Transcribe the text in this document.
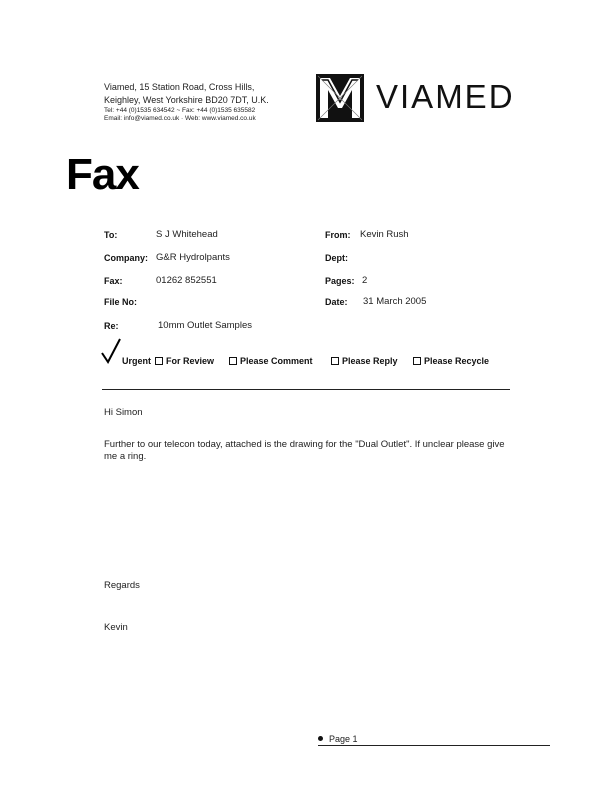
Viamed, 15 Station Road, Cross Hills,
Keighley, West Yorkshire BD20 7DT, U.K.
Tel: +44 (0)1535 634542 ~ Fax: +44 (0)1535 635582
Email: info@viamed.co.uk · Web: www.viamed.co.uk
VIAMED
Fax
To:	S J Whitehead	From: Kevin Rush
Company: G&R Hydrolpants	Dept:
Fax:	01262 852551	Pages: 2
File No:	Date: 31 March 2005
Re:	10mm Outlet Samples
Urgent	For Review	Please Comment	Please Reply	Please Recycle
Hi Simon
Further to our telecon today, attached is the drawing for the "Dual Outlet". If unclear please give
me a ring.
Regards
Kevin
Page 1
